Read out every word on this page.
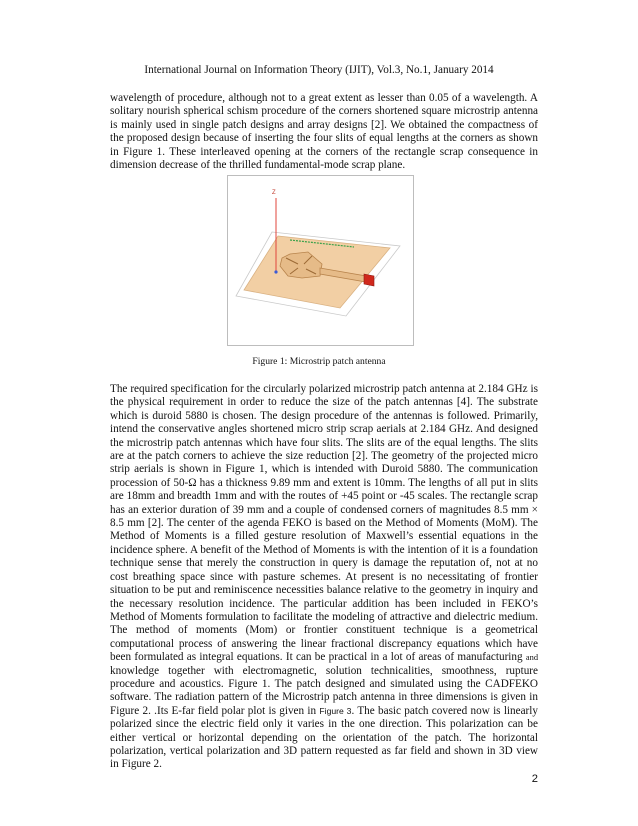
International Journal on Information Theory (IJIT), Vol.3, No.1, January 2014

wavelength of procedure, although not to a great extent as lesser than 0.05 of a wavelength. A solitary nourish spherical schism procedure of the corners shortened square microstrip antenna is mainly used in single patch designs and array designs [2]. We obtained the compactness of the proposed design because of inserting the four slits of equal lengths at the corners as shown in Figure 1. These interleaved opening at the corners of the rectangle scrap consequence in dimension decrease of the thrilled fundamental-mode scrap plane.

Z
Figure 1: Microstrip patch antenna

The required specification for the circularly polarized microstrip patch antenna at 2.184 GHz is the physical requirement in order to reduce the size of the patch antennas [4]. The substrate which is duroid 5880 is chosen. The design procedure of the antennas is followed. Primarily, intend the conservative angles shortened micro strip scrap aerials at 2.184 GHz. And designed the microstrip patch antennas which have four slits. The slits are of the equal lengths. The slits are at the patch corners to achieve the size reduction [2]. The geometry of the projected micro strip aerials is shown in Figure 1, which is intended with Duroid 5880. The communication procession of 50-Ω has a thickness 9.89 mm and extent is 10mm. The lengths of all put in slits are 18mm and breadth 1mm and with the routes of +45 point or -45 scales. The rectangle scrap has an exterior duration of 39 mm and a couple of condensed corners of magnitudes 8.5 mm × 8.5 mm [2]. The center of the agenda FEKO is based on the Method of Moments (MoM). The Method of Moments is a filled gesture resolution of Maxwell’s essential equations in the incidence sphere. A benefit of the Method of Moments is with the intention of it is a foundation technique sense that merely the construction in query is damage the reputation of, not at no cost breathing space since with pasture schemes. At present is no necessitating of frontier situation to be put and reminiscence necessities balance relative to the geometry in inquiry and the necessary resolution incidence. The particular addition has been included in FEKO’s Method of Moments formulation to facilitate the modeling of attractive and dielectric medium. The method of moments (Mom) or frontier constituent technique is a geometrical computational process of answering the linear fractional discrepancy equations which have been formulated as integral equations. It can be practical in a lot of areas of manufacturing and knowledge together with electromagnetic, solution technicalities, smoothness, rupture procedure and acoustics. Figure 1. The patch designed and simulated using the CADFEKO software. The radiation pattern of the Microstrip patch antenna in three dimensions is given in Figure 2. .Its E-far field polar plot is given in Figure 3. The basic patch covered now is linearly polarized since the electric field only it varies in the one direction. This polarization can be either vertical or horizontal depending on the orientation of the patch. The horizontal polarization, vertical polarization and 3D pattern requested as far field and shown in 3D view in Figure 2.

2
